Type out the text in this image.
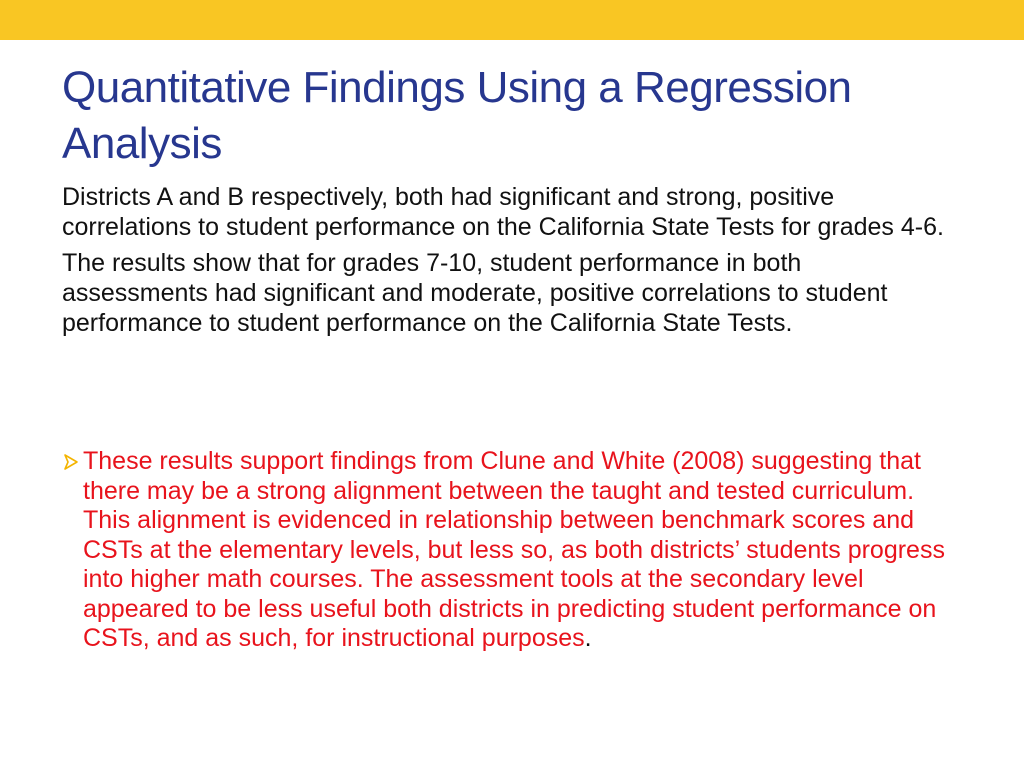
Quantitative Findings Using a Regression Analysis

Districts A and B respectively, both had significant and strong, positive correlations to student performance on the California State Tests for grades 4-6.

The results show that for grades 7-10, student performance in both assessments had significant and moderate, positive correlations to student performance to student performance on the California State Tests.

These results support findings from Clune and White (2008) suggesting that there may be a strong alignment between the taught and tested curriculum. This alignment is evidenced in relationship between benchmark scores and CSTs at the elementary levels, but less so, as both districts’ students progress into higher math courses. The assessment tools at the secondary level appeared to be less useful both districts in predicting student performance on CSTs, and as such, for instructional purposes.
